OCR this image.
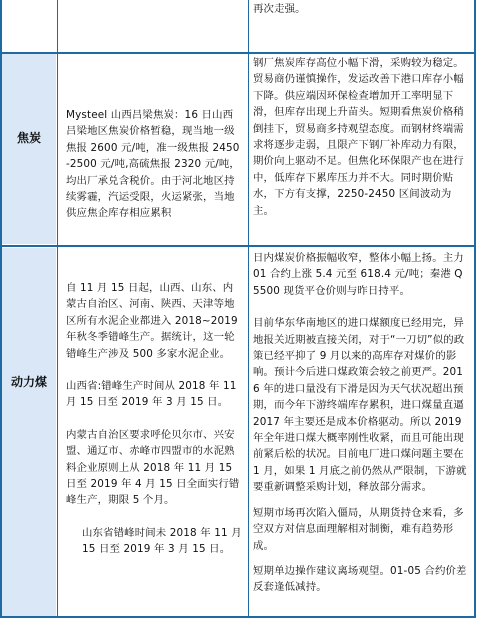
焦炭
动力煤
再次走强。
Mysteel 山西吕梁焦炭：16 日山西吕梁地区焦炭价格暂稳，现当地一级焦报 2600 元/吨，准一级焦报 2450-2500 元/吨,高硫焦报 2320 元/吨，均出厂承兑含税价。由于河北地区持续雾霾，汽运受限，火运紧张，当地供应焦企库存相应累积
钢厂焦炭库存高位小幅下滑，采购较为稳定。贸易商仍谨慎操作，发运改善下港口库存小幅下降。供应端因环保检查增加开工率明显下滑，但库存出现上升苗头。短期看焦炭价格稍倒挂下，贸易商多持观望态度。而钢材终端需求将逐步走弱，且限产下钢厂补库动力有限，期价向上驱动不足。但焦化环保限产也在进行中，低库存下累库压力并不大。同时期价贴水，下方有支撑，2250-2450 区间波动为主。

自 11 月 15 日起，山西、山东、内蒙古自治区、河南、陕西、天津等地区所有水泥企业都进入 2018~2019 年秋冬季错峰生产。据统计，这一轮错峰生产涉及 500 多家水泥企业。

山西省:错峰生产时间从 2018 年 11 月 15 日至 2019 年 3 月 15 日。

内蒙古自治区要求呼伦贝尔市、兴安盟、通辽市、赤峰市四盟市的水泥熟料企业原则上从 2018 年 11 月 15 日至 2019 年 4 月 15 日全面实行错峰生产，期限 5 个月。

山东省错峰时间未 2018 年 11 月 15 日至 2019 年 3 月 15 日。

日内煤炭价格振幅收窄，整体小幅上扬。主力 01 合约上涨 5.4 元至 618.4 元/吨；秦港 Q5500 现货平仓价则与昨日持平。

目前华东华南地区的进口煤额度已经用完，异地报关近期被直接关闭，对于“一刀切”似的政策已经平抑了 9 月以来的高库存对煤价的影响。预计今后进口煤政策会较之前更严。2016 年的进口量没有下滑是因为天气状况超出预期，而今年下游终端库存累积，进口煤量直逼 2017 年主要还是成本价格驱动。所以 2019 年全年进口煤大概率刚性收紧，而且可能出现前紧后松的状况。目前电厂进口煤问题主要在 1 月，如果 1 月底之前仍然从严限制，下游就要重新调整采购计划，释放部分需求。

短期市场再次陷入僵局，从期货持仓来看，多空双方对信息面理解相对制衡，难有趋势形成。

短期单边操作建议离场观望。01-05 合约价差反套逢低减持。
